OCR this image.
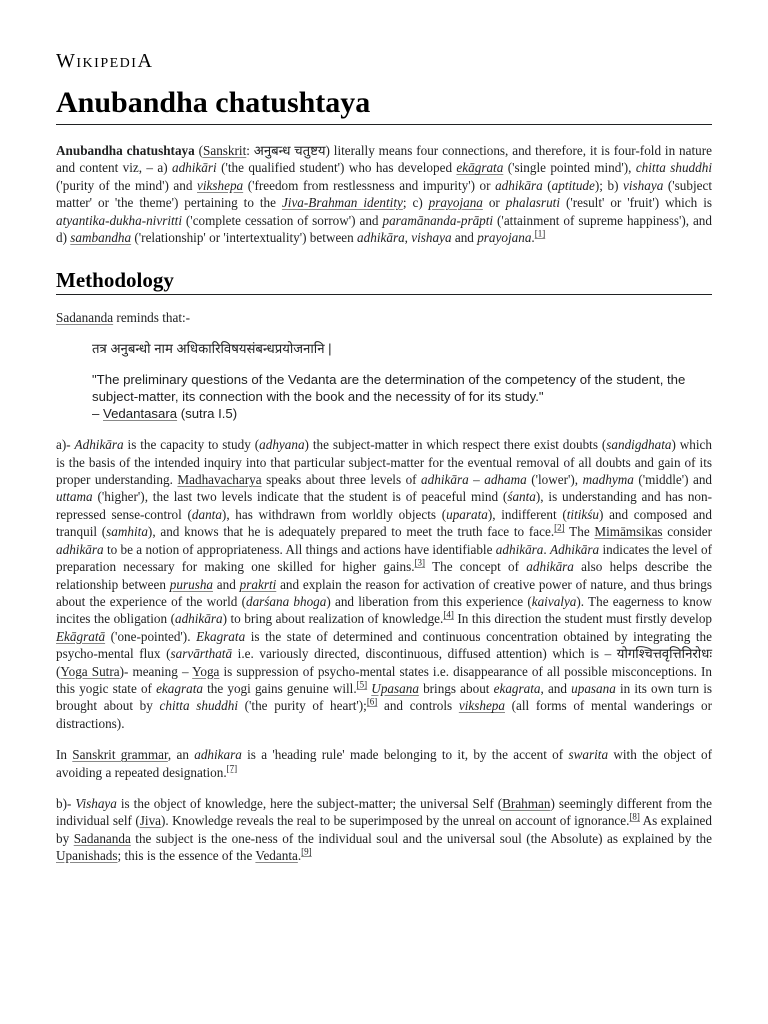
WikipediA
Anubandha chatushtaya

Anubandha chatushtaya (Sanskrit: अनुबन्ध चतुष्टय) literally means four connections, and therefore, it is four-fold in nature and content viz, – a) adhikāri ('the qualified student') who has developed ekāgrata ('single pointed mind'), chitta shuddhi ('purity of the mind') and vikshepa ('freedom from restlessness and impurity') or adhikāra (aptitude); b) vishaya ('subject matter' or 'the theme') pertaining to the Jiva-Brahman identity; c) prayojana or phalasruti ('result' or 'fruit') which is atyantika-dukha-nivritti ('complete cessation of sorrow') and paramānanda-prāpti ('attainment of supreme happiness'), and d) sambandha ('relationship' or 'intertextuality') between adhikāra, vishaya and prayojana.[1]

Methodology

Sadananda reminds that:-

तत्र अनुबन्धो नाम अधिकारिविषयसंबन्धप्रयोजनानि |
"The preliminary questions of the Vedanta are the determination of the competency of the student, the subject-matter, its connection with the book and the necessity of for its study."
– Vedantasara (sutra I.5)

a)- Adhikāra is the capacity to study (adhyana) the subject-matter in which respect there exist doubts (sandigdhata) which is the basis of the intended inquiry into that particular subject-matter for the eventual removal of all doubts and gain of its proper understanding. Madhavacharya speaks about three levels of adhikāra – adhama ('lower'), madhyma ('middle') and uttama ('higher'), the last two levels indicate that the student is of peaceful mind (śanta), is understanding and has non-repressed sense-control (danta), has withdrawn from worldly objects (uparata), indifferent (titikśu) and composed and tranquil (samhita), and knows that he is adequately prepared to meet the truth face to face.[2] The Mimāmsikas consider adhikāra to be a notion of appropriateness. All things and actions have identifiable adhikāra. Adhikāra indicates the level of preparation necessary for making one skilled for higher gains.[3] The concept of adhikāra also helps describe the relationship between purusha and prakrti and explain the reason for activation of creative power of nature, and thus brings about the experience of the world (darśana bhoga) and liberation from this experience (kaivalya). The eagerness to know incites the obligation (adhikāra) to bring about realization of knowledge.[4] In this direction the student must firstly develop Ekāgratā ('one-pointed'). Ekagrata is the state of determined and continuous concentration obtained by integrating the psycho-mental flux (sarvārthatā i.e. variously directed, discontinuous, diffused attention) which is – योगश्चित्तवृत्तिनिरोधः (Yoga Sutra)- meaning – Yoga is suppression of psycho-mental states i.e. disappearance of all possible misconceptions. In this yogic state of ekagrata the yogi gains genuine will.[5] Upasana brings about ekagrata, and upasana in its own turn is brought about by chitta shuddhi ('the purity of heart');[6] and controls vikshepa (all forms of mental wanderings or distractions).

In Sanskrit grammar, an adhikara is a 'heading rule' made belonging to it, by the accent of swarita with the object of avoiding a repeated designation.[7]

b)- Vishaya is the object of knowledge, here the subject-matter; the universal Self (Brahman) seemingly different from the individual self (Jiva). Knowledge reveals the real to be superimposed by the unreal on account of ignorance.[8] As explained by Sadananda the subject is the one-ness of the individual soul and the universal soul (the Absolute) as explained by the Upanishads; this is the essence of the Vedanta.[9]
